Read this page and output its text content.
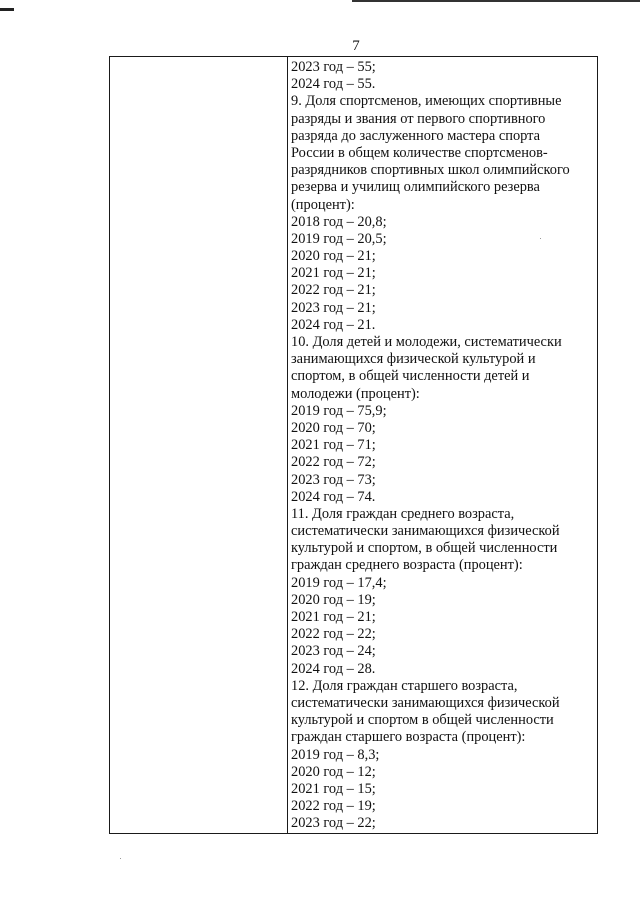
7
2023 год – 55;
2024 год – 55.
9. Доля спортсменов, имеющих спортивные
разряды и звания от первого спортивного
разряда до заслуженного мастера спорта
России в общем количестве спортсменов-
разрядников спортивных школ олимпийского
резерва и училищ олимпийского резерва
(процент):
2018 год – 20,8;
2019 год – 20,5;
2020 год – 21;
2021 год – 21;
2022 год – 21;
2023 год – 21;
2024 год – 21.
10. Доля детей и молодежи, систематически
занимающихся физической культурой и
спортом, в общей численности детей и
молодежи (процент):
2019 год – 75,9;
2020 год – 70;
2021 год – 71;
2022 год – 72;
2023 год – 73;
2024 год – 74.
11. Доля граждан среднего возраста,
систематически занимающихся физической
культурой и спортом, в общей численности
граждан среднего возраста (процент):
2019 год – 17,4;
2020 год – 19;
2021 год – 21;
2022 год – 22;
2023 год – 24;
2024 год – 28.
12. Доля граждан старшего возраста,
систематически занимающихся физической
культурой и спортом в общей численности
граждан старшего возраста (процент):
2019 год – 8,3;
2020 год – 12;
2021 год – 15;
2022 год – 19;
2023 год – 22;
